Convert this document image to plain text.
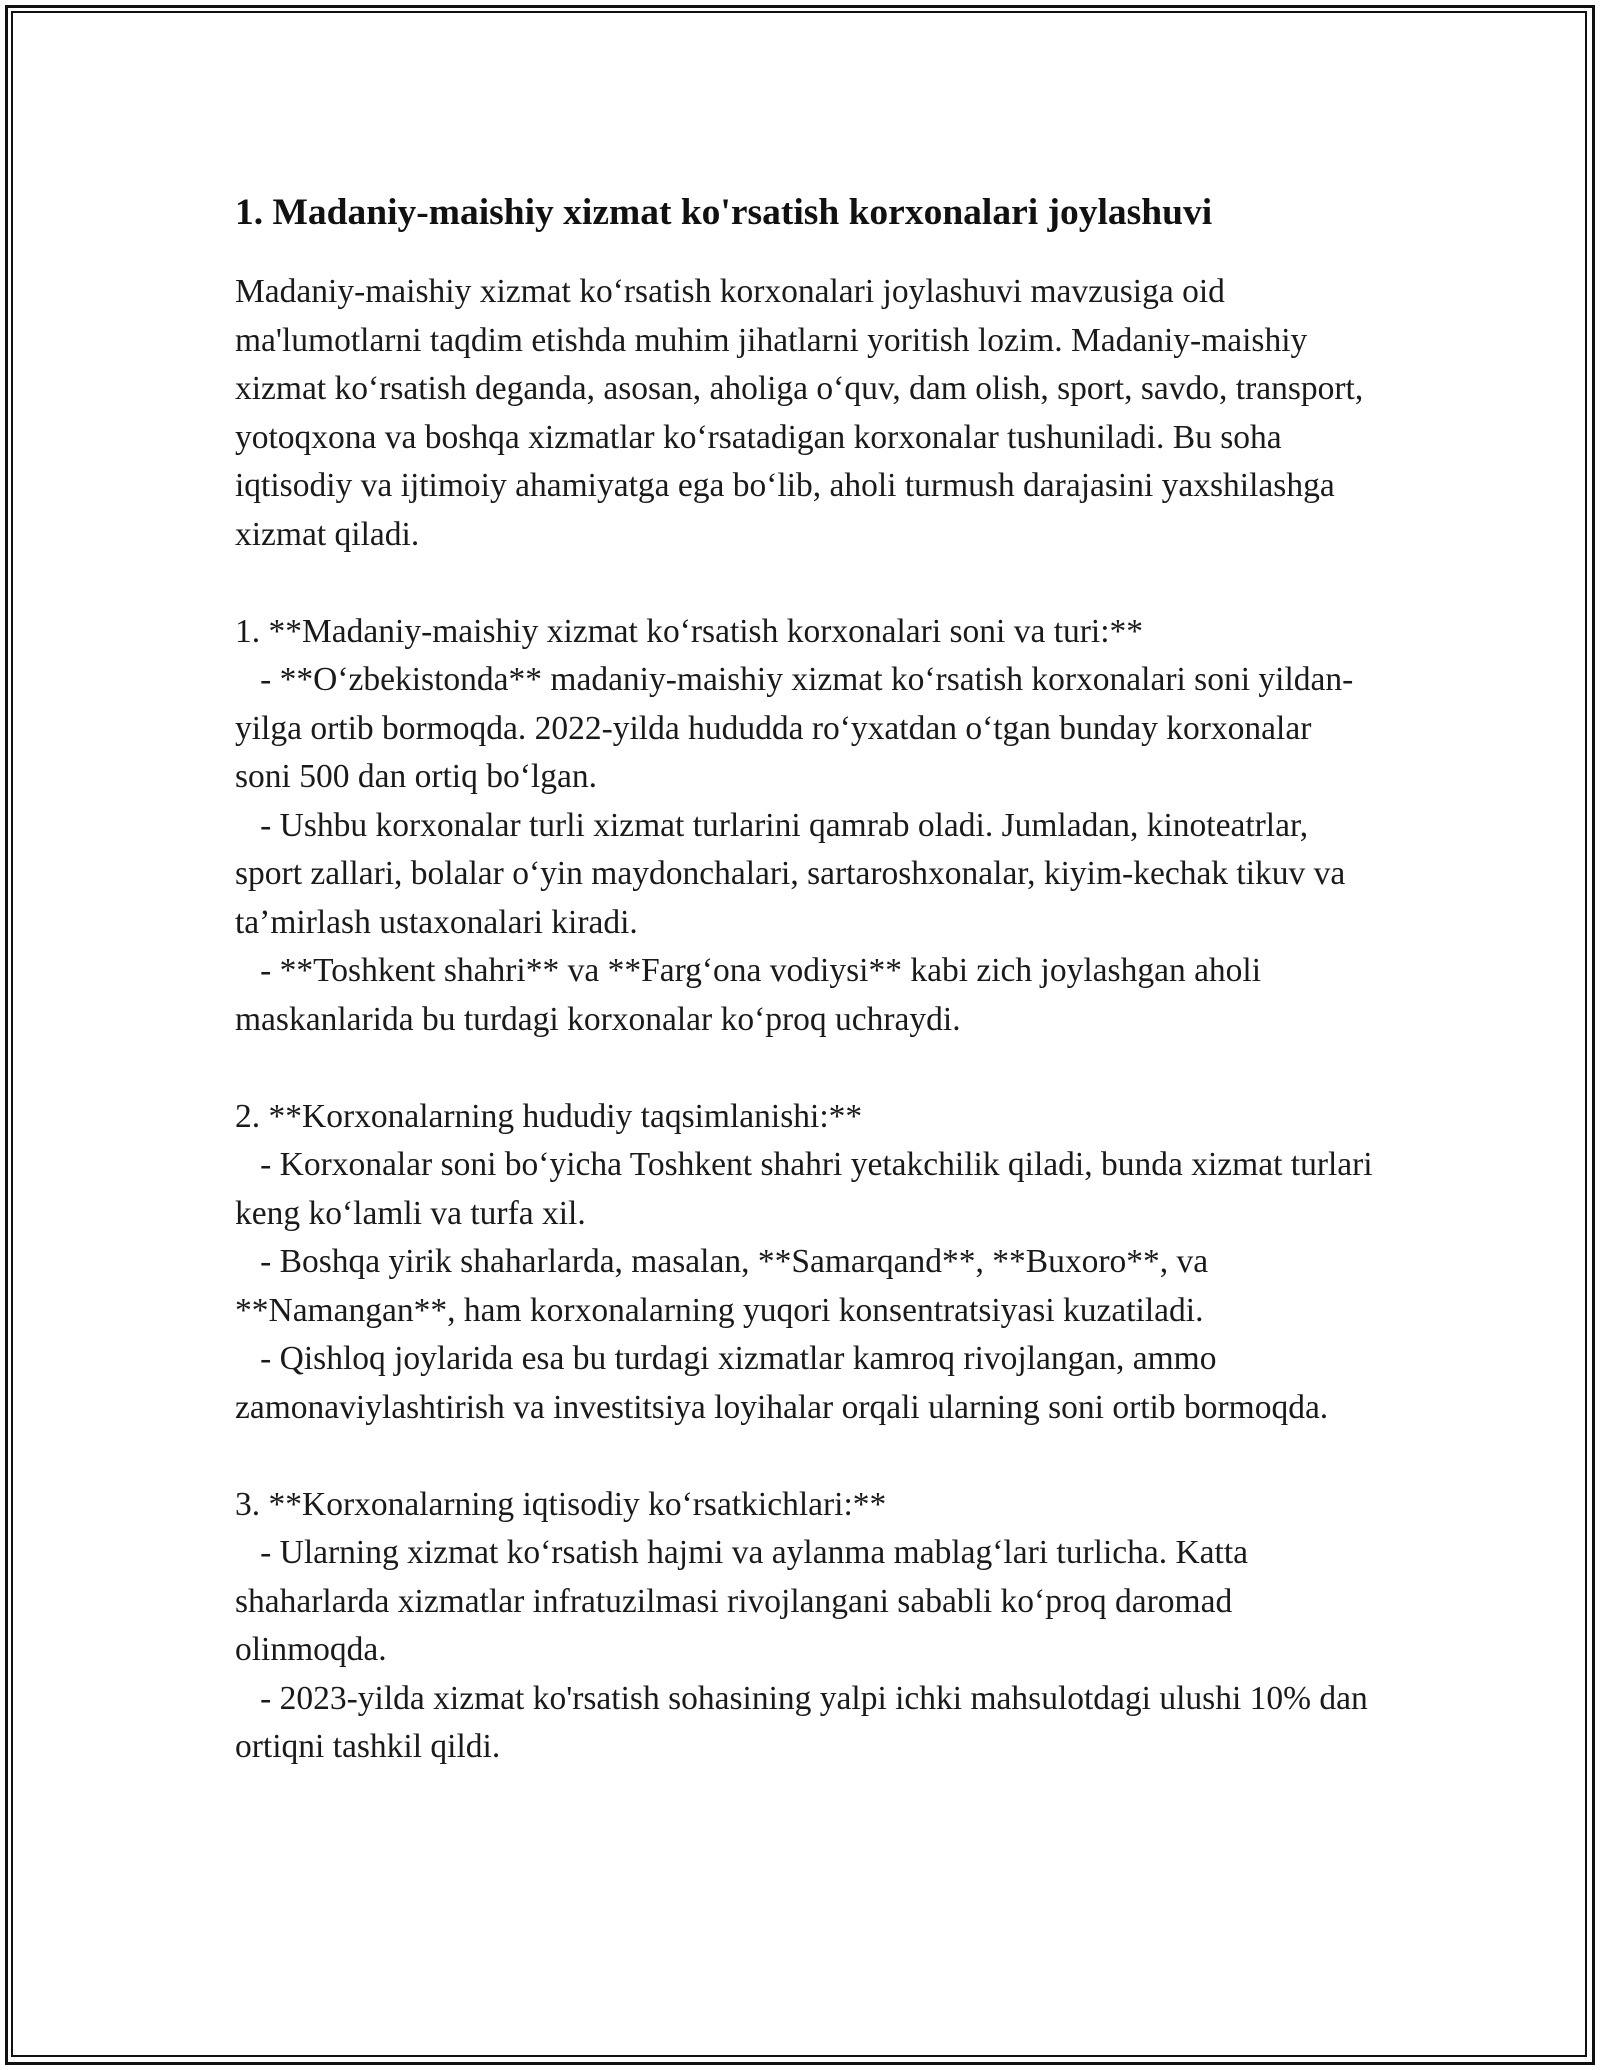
1. Madaniy-maishiy xizmat ko'rsatish korxonalari joylashuvi

Madaniy-maishiy xizmat koʻrsatish korxonalari joylashuvi mavzusiga oid ma'lumotlarni taqdim etishda muhim jihatlarni yoritish lozim. Madaniy-maishiy xizmat koʻrsatish deganda, asosan, aholiga oʻquv, dam olish, sport, savdo, transport, yotoqxona va boshqa xizmatlar koʻrsatadigan korxonalar tushuniladi. Bu soha iqtisodiy va ijtimoiy ahamiyatga ega boʻlib, aholi turmush darajasini yaxshilashga xizmat qiladi.

1. **Madaniy-maishiy xizmat koʻrsatish korxonalari soni va turi:**
- **Oʻzbekistonda** madaniy-maishiy xizmat koʻrsatish korxonalari soni yildan-yilga ortib bormoqda. 2022-yilda hududda roʻyxatdan oʻtgan bunday korxonalar soni 500 dan ortiq boʻlgan.
- Ushbu korxonalar turli xizmat turlarini qamrab oladi. Jumladan, kinoteatrlar, sport zallari, bolalar oʻyin maydonchalari, sartaroshxonalar, kiyim-kechak tikuv va taʼmirlash ustaxonalari kiradi.
- **Toshkent shahri** va **Fargʻona vodiysi** kabi zich joylashgan aholi maskanlarida bu turdagi korxonalar koʻproq uchraydi.
2. **Korxonalarning hududiy taqsimlanishi:**
- Korxonalar soni boʻyicha Toshkent shahri yetakchilik qiladi, bunda xizmat turlari keng koʻlamli va turfa xil.
- Boshqa yirik shaharlarda, masalan, **Samarqand**, **Buxoro**, va **Namangan**, ham korxonalarning yuqori konsentratsiyasi kuzatiladi.
- Qishloq joylarida esa bu turdagi xizmatlar kamroq rivojlangan, ammo zamonaviylashtirish va investitsiya loyihalar orqali ularning soni ortib bormoqda.
3. **Korxonalarning iqtisodiy koʻrsatkichlari:**
- Ularning xizmat koʻrsatish hajmi va aylanma mablagʻlari turlicha. Katta shaharlarda xizmatlar infratuzilmasi rivojlangani sababli koʻproq daromad olinmoqda.
- 2023-yilda xizmat ko'rsatish sohasining yalpi ichki mahsulotdagi ulushi 10% dan ortiqni tashkil qildi.
